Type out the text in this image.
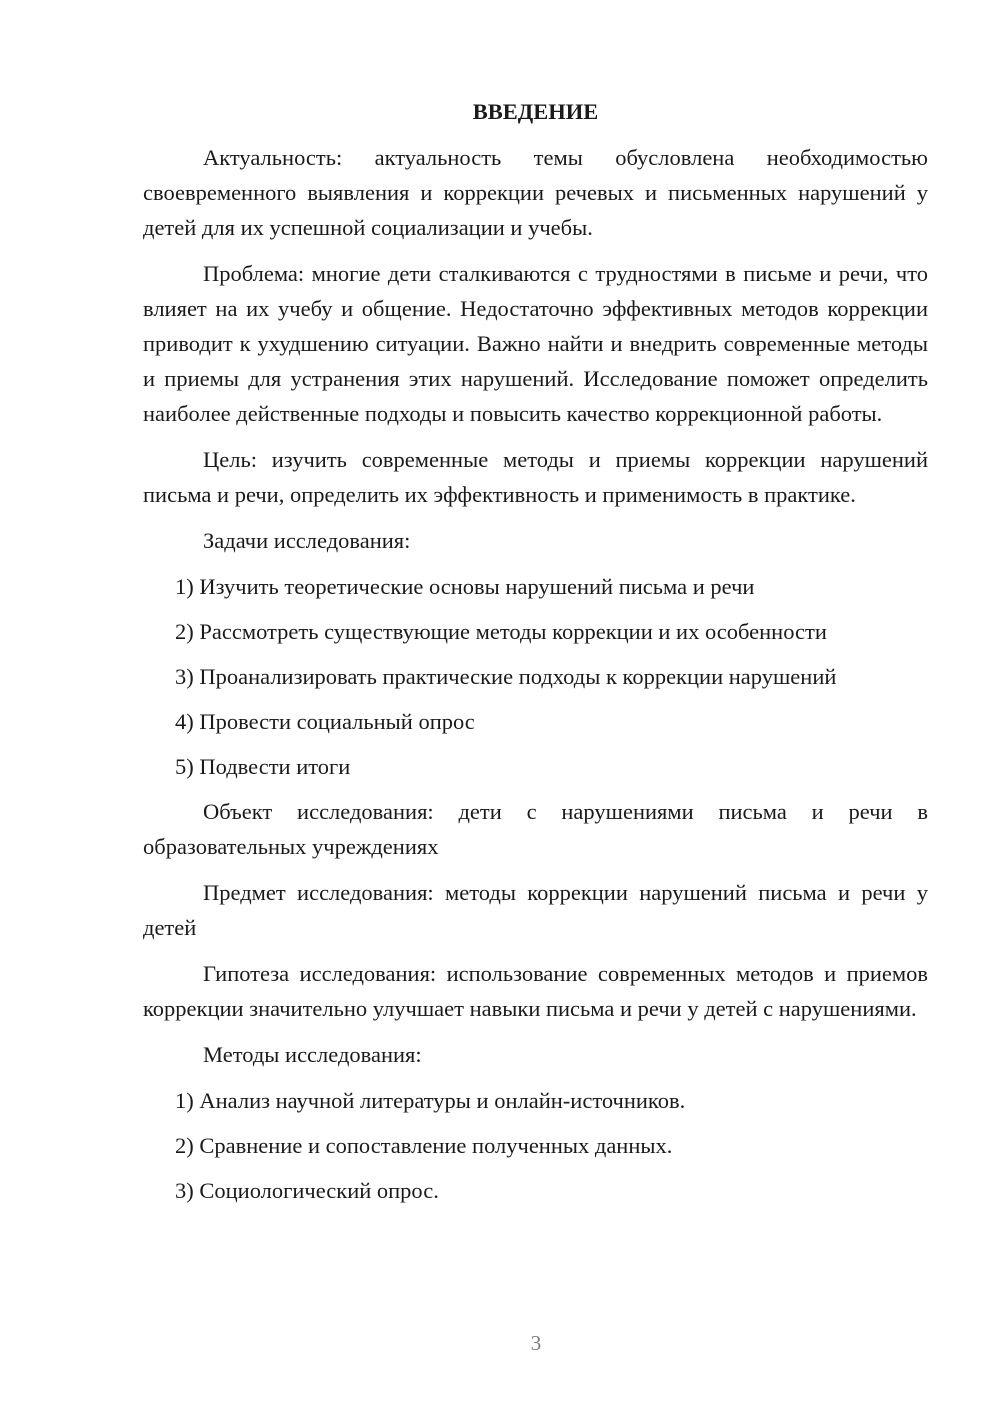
ВВЕДЕНИЕ

Актуальность: актуальность темы обусловлена необходимостью своевременного выявления и коррекции речевых и письменных нарушений у детей для их успешной социализации и учебы.

Проблема: многие дети сталкиваются с трудностями в письме и речи, что влияет на их учебу и общение. Недостаточно эффективных методов коррекции приводит к ухудшению ситуации. Важно найти и внедрить современные методы и приемы для устранения этих нарушений. Исследование поможет определить наиболее действенные подходы и повысить качество коррекционной работы.

Цель: изучить современные методы и приемы коррекции нарушений письма и речи, определить их эффективность и применимость в практике.

Задачи исследования:

1) Изучить теоретические основы нарушений письма и речи
2) Рассмотреть существующие методы коррекции и их особенности
3) Проанализировать практические подходы к коррекции нарушений
4) Провести социальный опрос
5) Подвести итоги

Объект исследования: дети с нарушениями письма и речи в образовательных учреждениях

Предмет исследования: методы коррекции нарушений письма и речи у детей

Гипотеза исследования: использование современных методов и приемов коррекции значительно улучшает навыки письма и речи у детей с нарушениями.

Методы исследования:

1) Анализ научной литературы и онлайн-источников.
2) Сравнение и сопоставление полученных данных.
3) Социологический опрос.
3
